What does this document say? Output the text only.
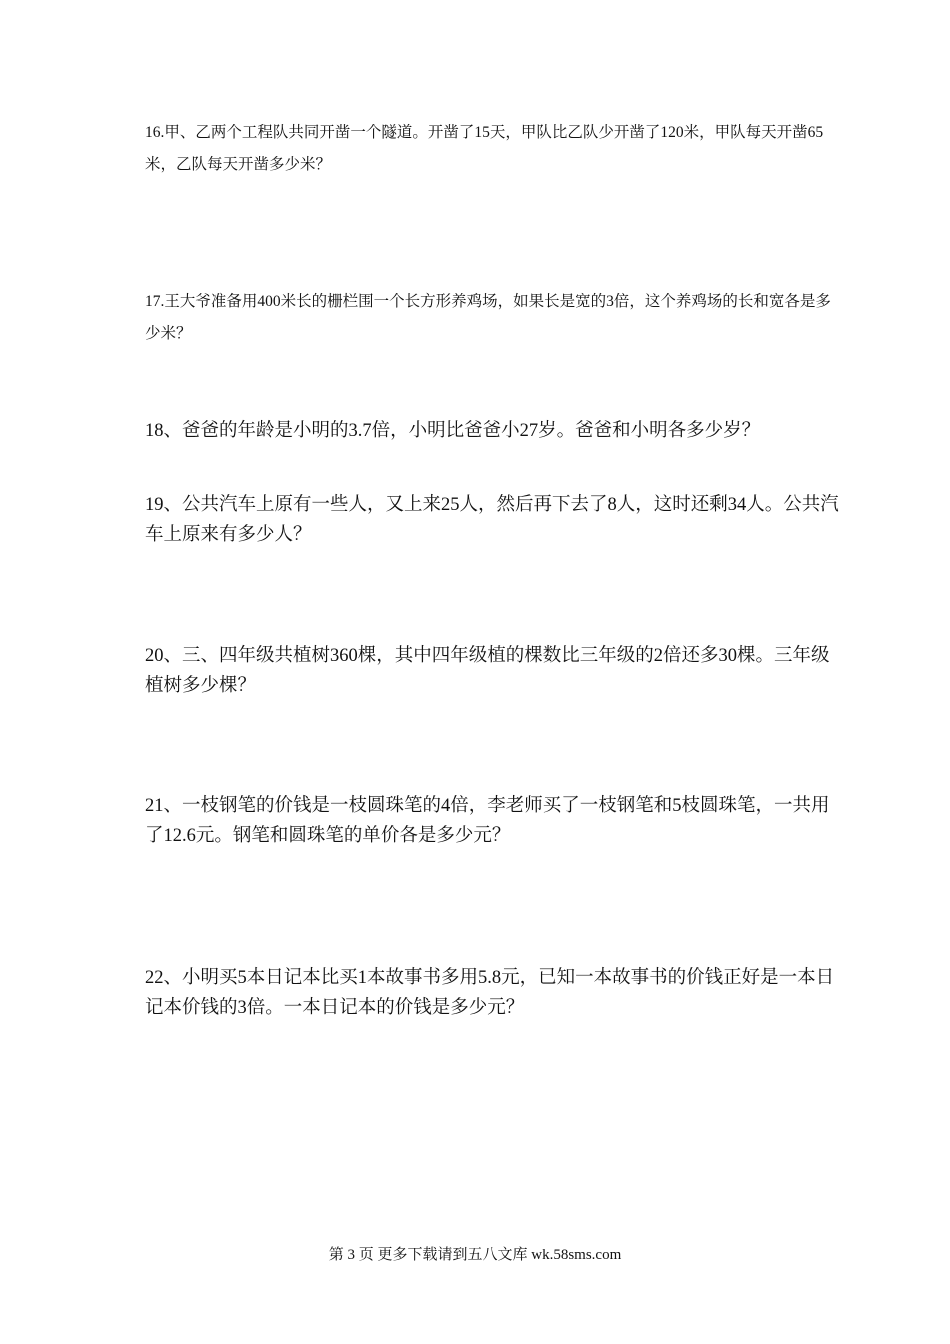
16.甲、乙两个工程队共同开凿一个隧道。开凿了15天，甲队比乙队少开凿了120米，甲队每天开凿65米，乙队每天开凿多少米？

17.王大爷准备用400米长的栅栏围一个长方形养鸡场，如果长是宽的3倍，这个养鸡场的长和宽各是多少米？

18、爸爸的年龄是小明的3.7倍，小明比爸爸小27岁。爸爸和小明各多少岁？

19、公共汽车上原有一些人，又上来25人，然后再下去了8人，这时还剩34人。公共汽车上原来有多少人？

20、三、四年级共植树360棵，其中四年级植的棵数比三年级的2倍还多30棵。三年级植树多少棵？

21、一枝钢笔的价钱是一枝圆珠笔的4倍，李老师买了一枝钢笔和5枝圆珠笔，一共用了12.6元。钢笔和圆珠笔的单价各是多少元？

22、小明买5本日记本比买1本故事书多用5.8元，已知一本故事书的价钱正好是一本日记本价钱的3倍。一本日记本的价钱是多少元？

第 3 页 更多下载请到五八文库 wk.58sms.com
